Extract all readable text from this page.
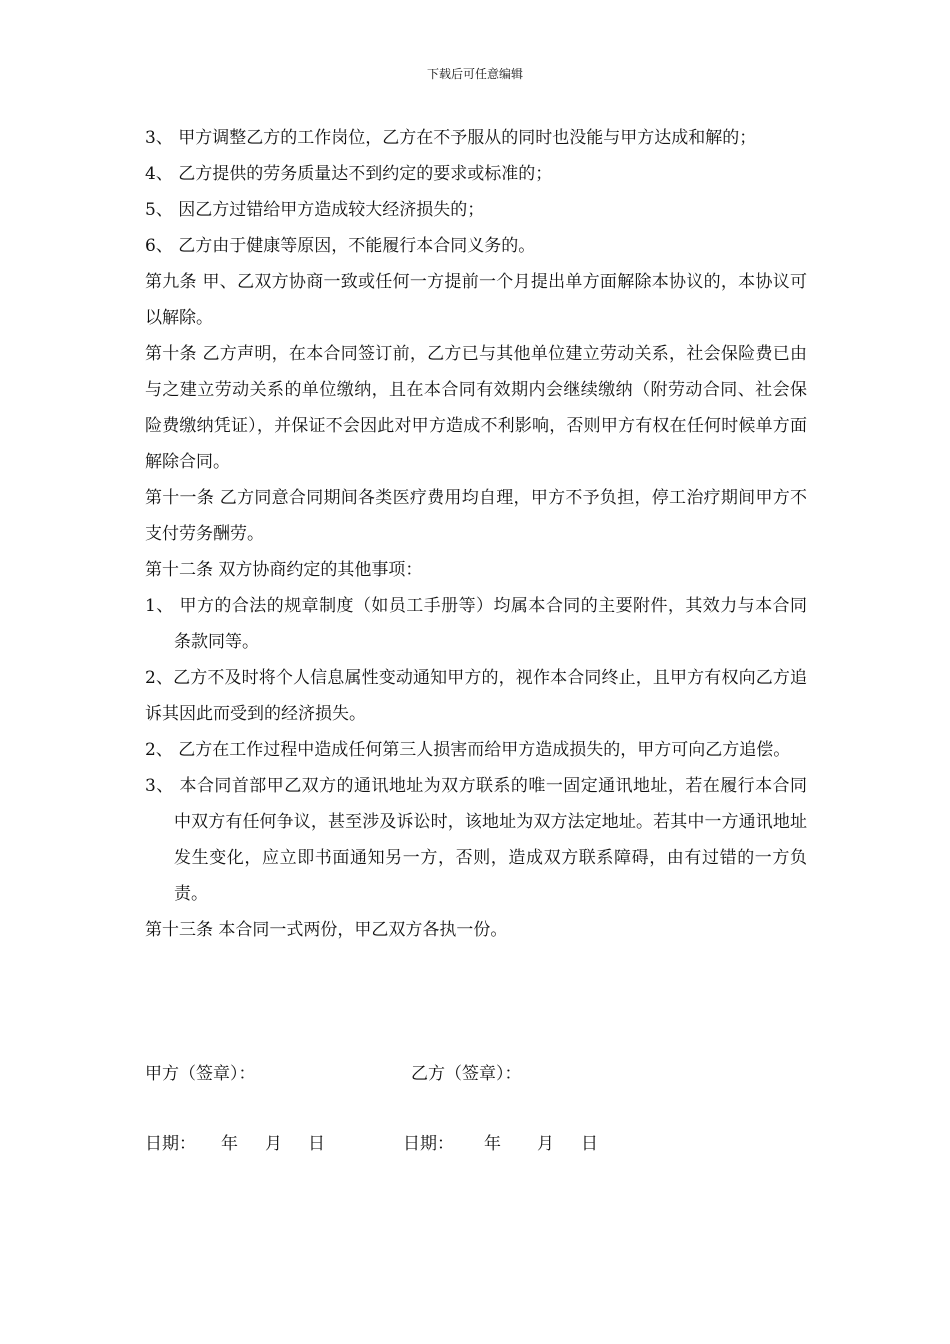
下载后可任意编辑

3、 甲方调整乙方的工作岗位，乙方在不予服从的同时也没能与甲方达成和解的；

4、 乙方提供的劳务质量达不到约定的要求或标准的；

5、 因乙方过错给甲方造成较大经济损失的；

6、 乙方由于健康等原因，不能履行本合同义务的。

第九条 甲、乙双方协商一致或任何一方提前一个月提出单方面解除本协议的，本协议可以解除。

第十条 乙方声明，在本合同签订前，乙方已与其他单位建立劳动关系，社会保险费已由与之建立劳动关系的单位缴纳，且在本合同有效期内会继续缴纳（附劳动合同、社会保险费缴纳凭证），并保证不会因此对甲方造成不利影响，否则甲方有权在任何时候单方面解除合同。

第十一条 乙方同意合同期间各类医疗费用均自理，甲方不予负担，停工治疗期间甲方不支付劳务酬劳。

第十二条 双方协商约定的其他事项：

1、 甲方的合法的规章制度（如员工手册等）均属本合同的主要附件，其效力与本合同条款同等。

2、乙方不及时将个人信息属性变动通知甲方的，视作本合同终止，且甲方有权向乙方追诉其因此而受到的经济损失。

2、 乙方在工作过程中造成任何第三人损害而给甲方造成损失的，甲方可向乙方追偿。

3、 本合同首部甲乙双方的通讯地址为双方联系的唯一固定通讯地址，若在履行本合同中双方有任何争议，甚至涉及诉讼时，该地址为双方法定地址。若其中一方通讯地址发生变化，应立即书面通知另一方，否则，造成双方联系障碍，由有过错的一方负责。

第十三条 本合同一式两份，甲乙双方各执一份。

甲方（签章）：

	乙方（签章）：

日期：

年

月

日

	日期：

年

月

日
